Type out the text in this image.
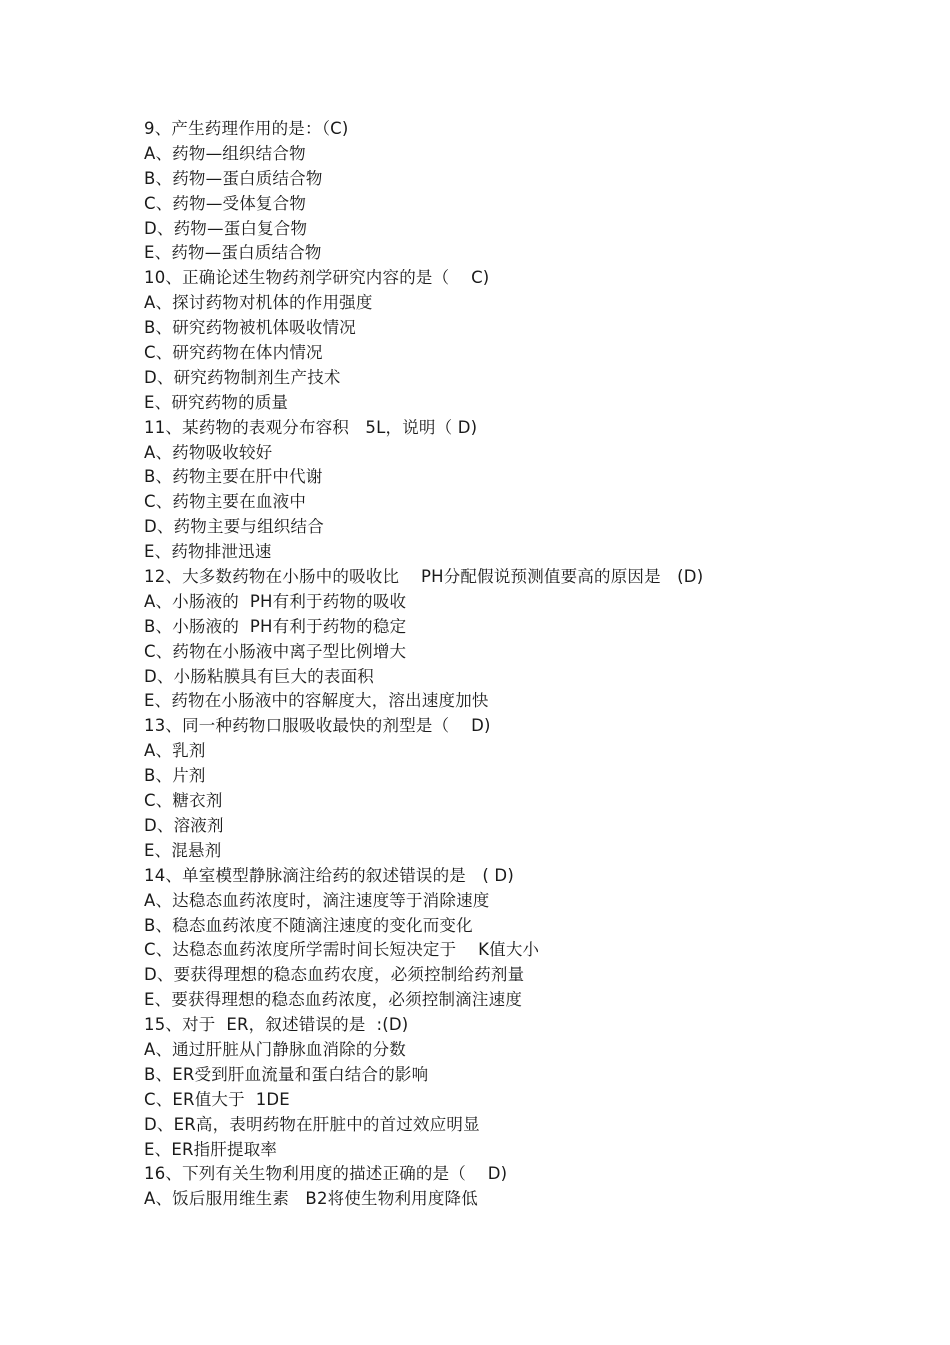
9、产生药理作用的是：（C)
A、药物—组织结合物
B、药物—蛋白质结合物
C、药物—受体复合物
D、药物—蛋白复合物
E、药物—蛋白质结合物
10、正确论述生物药剂学研究内容的是（    C)
A、探讨药物对机体的作用强度
B、研究药物被机体吸收情况
C、研究药物在体内情况
D、研究药物制剂生产技术
E、研究药物的质量
11、某药物的表观分布容积   5L，说明（ D)
A、药物吸收较好
B、药物主要在肝中代谢
C、药物主要在血液中
D、药物主要与组织结合
E、药物排泄迅速
12、大多数药物在小肠中的吸收比    PH分配假说预测值要高的原因是   (D)
A、小肠液的  PH有利于药物的吸收
B、小肠液的  PH有利于药物的稳定
C、药物在小肠液中离子型比例增大
D、小肠粘膜具有巨大的表面积
E、药物在小肠液中的容解度大，溶出速度加快
13、同一种药物口服吸收最快的剂型是（    D)
A、乳剂
B、片剂
C、糖衣剂
D、溶液剂
E、混悬剂
14、单室模型静脉滴注给药的叙述错误的是   ( D)
A、达稳态血药浓度时，滴注速度等于消除速度
B、稳态血药浓度不随滴注速度的变化而变化
C、达稳态血药浓度所学需时间长短决定于    K值大小
D、要获得理想的稳态血药农度，必须控制给药剂量
E、要获得理想的稳态血药浓度，必须控制滴注速度
15、对于  ER，叙述错误的是  :(D)
A、通过肝脏从门静脉血消除的分数
B、ER受到肝血流量和蛋白结合的影响
C、ER值大于  1DE
D、ER高，表明药物在肝脏中的首过效应明显
E、ER指肝提取率
16、下列有关生物利用度的描述正确的是（    D)
A、饭后服用维生素   B2将使生物利用度降低
